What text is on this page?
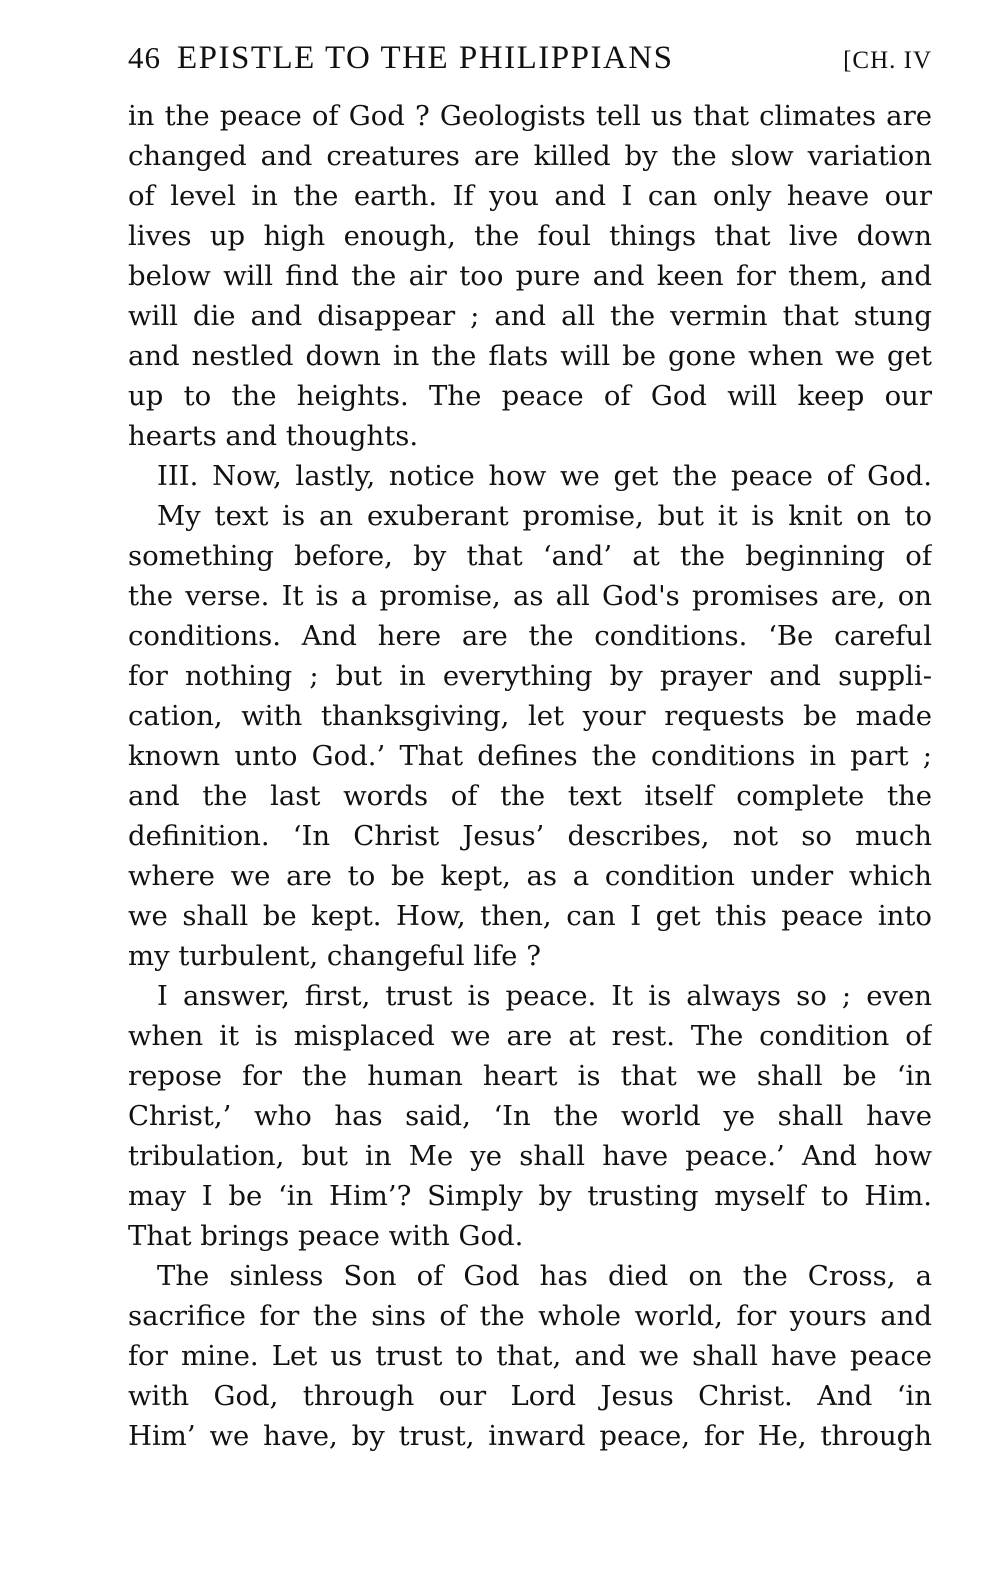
46 EPISTLE TO THE PHILIPPIANS	[CH. IV
in the peace of God ? Geologists tell us that climates are
changed and creatures are killed by the slow variation
of level in the earth. If you and I can only heave our
lives up high enough, the foul things that live down
below will find the air too pure and keen for them, and
will die and disappear ; and all the vermin that stung
and nestled down in the flats will be gone when we get
up to the heights. The peace of God will keep our
hearts and thoughts.
III. Now, lastly, notice how we get the peace of God.
My text is an exuberant promise, but it is knit on to
something before, by that ‘and’ at the beginning of
the verse. It is a promise, as all God's promises are, on
conditions. And here are the conditions. ‘Be careful
for nothing ; but in everything by prayer and suppli-
cation, with thanksgiving, let your requests be made
known unto God.’ That defines the conditions in part ;
and the last words of the text itself complete the
definition. ‘In Christ Jesus’ describes, not so much
where we are to be kept, as a condition under which
we shall be kept. How, then, can I get this peace into
my turbulent, changeful life ?
I answer, first, trust is peace. It is always so ; even
when it is misplaced we are at rest. The condition of
repose for the human heart is that we shall be ‘in
Christ,’ who has said, ‘In the world ye shall have
tribulation, but in Me ye shall have peace.’ And how
may I be ‘in Him’? Simply by trusting myself to Him.
That brings peace with God.
The sinless Son of God has died on the Cross, a
sacrifice for the sins of the whole world, for yours and
for mine. Let us trust to that, and we shall have peace
with God, through our Lord Jesus Christ. And ‘in
Him’ we have, by trust, inward peace, for He, through
